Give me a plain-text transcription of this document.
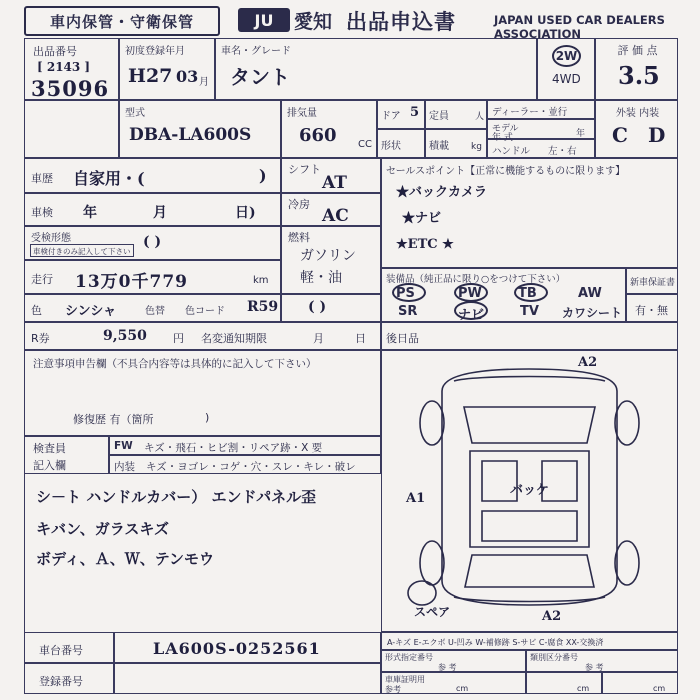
車内保管・守衛保管	JU 愛知 出品申込書	JAPAN USED CAR DEALERS ASSOCIATION
出品番号
[ 2143 ]
35096
初度登録年月
H27 03 月
車名・グレード
タント
2W
4WD
評 価 点
3.5
型式
DBA-LA600S
排気量
660 CC
ドア 5
形状
定員	人
積載 kg
ディーラー・並行
モデル
年 式	年
ハンドル 左・右
外装 内装
C D
車歴 自家用・(	)
車検 年	月	日)
受検形態
車検付きのみ記入して下さい
( )
走行 13万0千779	km
色 シンシャ	色替 色コード R59
R券	9,550 円 名変通知期限	月	日
シフト
AT
冷房
AC
燃料
ガソリン
軽・油
( )
セールスポイント【正常に機能するものに限ります】
★バックカメラ
★ナビ
★ETC ★
装備品（純正品に限り○をつけて下さい）
PS	PW	ТВ	AW
SR	ナビ	TV カワシート
新車保証書
有・無
後日品
注意事項申告欄（不具合内容等は具体的に記入して下さい）
修復歴 有（箇所	)
検査員
記入欄
FW キズ・飛石・ヒビ割・リペア跡・X 要
内装 キズ・ヨゴレ・コゲ・穴・スレ・キレ・破レ
シ－ト ハンドルカバー） エンドパネル歪
キバン、ガラスキズ
ボディ、Ａ、Ｗ、テンモウ
A2
A1
バッケ
スペア	A2
A-キズ E-エクボ U-凹み W-補修跡 S-サビ C-腐食 XX-交換済
車台番号	LA600S-0252561
登録番号
形式指定番号
参 考
類別区分番号
参 考
車庫証明用
参考	cm	cm	cm
